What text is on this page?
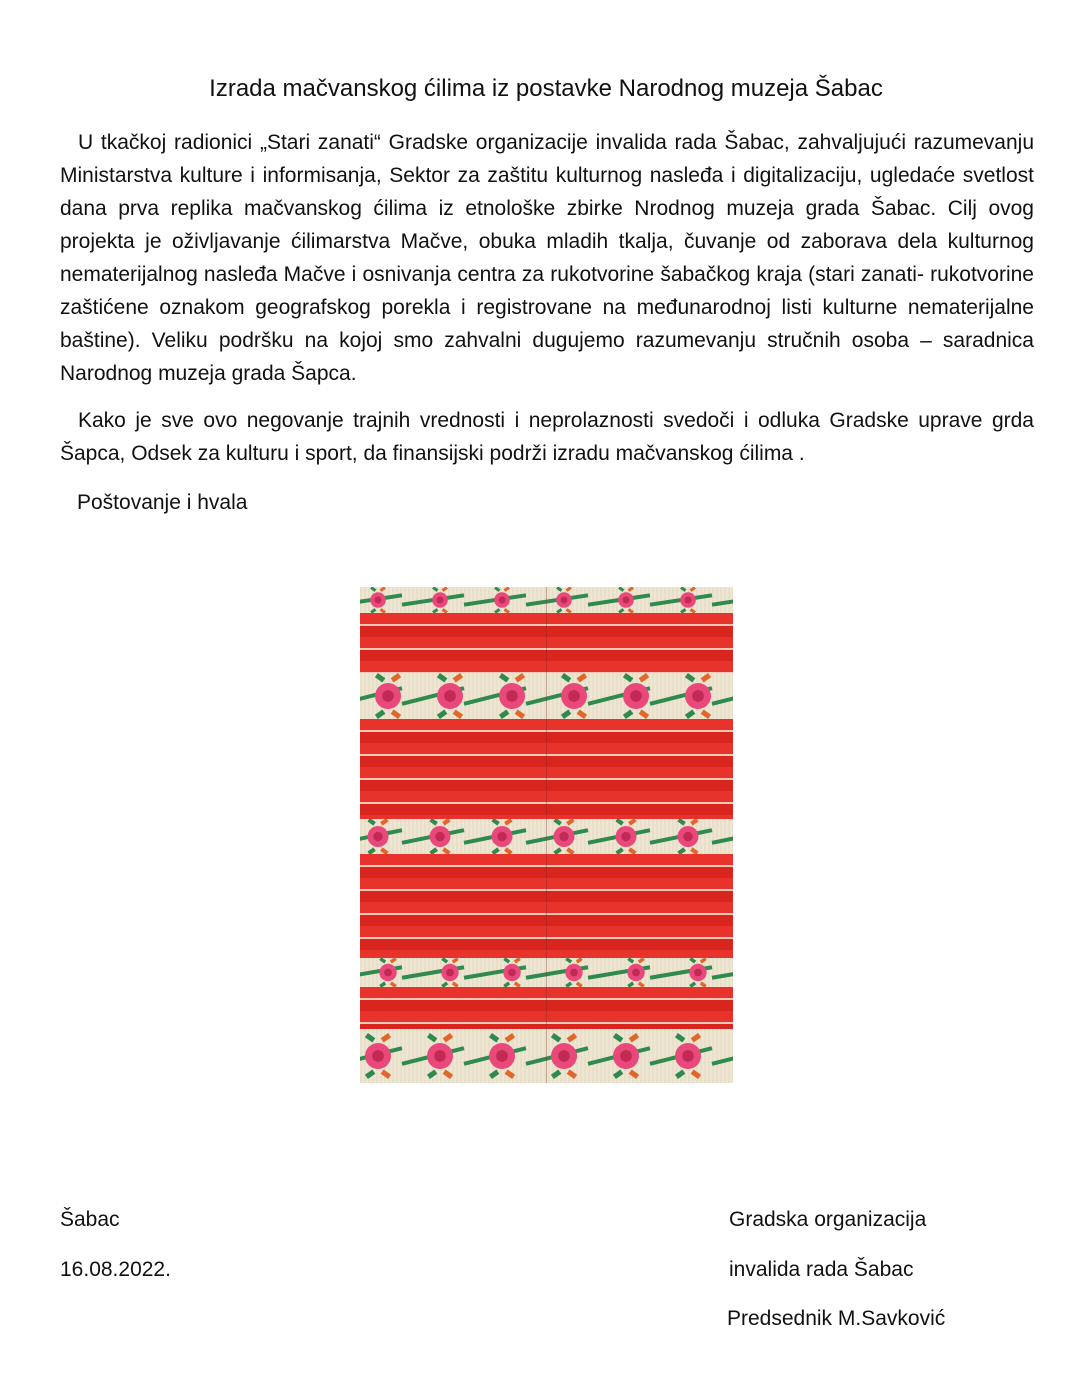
Izrada mačvanskog ćilima iz postavke Narodnog muzeja Šabac

U tkačkoj radionici „Stari zanati“ Gradske organizacije invalida rada Šabac, zahvaljujući razumevanju Ministarstva kulture i informisanja, Sektor za zaštitu kulturnog nasleđa i digitalizaciju, ugledaće svetlost dana prva replika mačvanskog ćilima iz etnološke zbirke Nrodnog muzeja grada Šabac. Cilj ovog projekta je oživljavanje ćilimarstva Mačve, obuka mladih tkalja, čuvanje od zaborava dela kulturnog nematerijalnog nasleđa Mačve i osnivanja centra za rukotvorine šabačkog kraja (stari zanati- rukotvorine zaštićene oznakom geografskog porekla i registrovane na međunarodnoj listi kulturne nematerijalne baštine). Veliku podršku na kojoj smo zahvalni dugujemo razumevanju stručnih osoba – saradnica Narodnog muzeja grada Šapca.

Kako je sve ovo negovanje trajnih vrednosti i neprolaznosti svedoči i odluka Gradske uprave grda Šapca, Odsek za kulturu i sport, da finansijski podrži izradu mačvanskog ćilima .

Poštovanje i hvala
Šabac
16.08.2022.
Gradska organizacija
invalida rada Šabac
Predsednik M.Savković
